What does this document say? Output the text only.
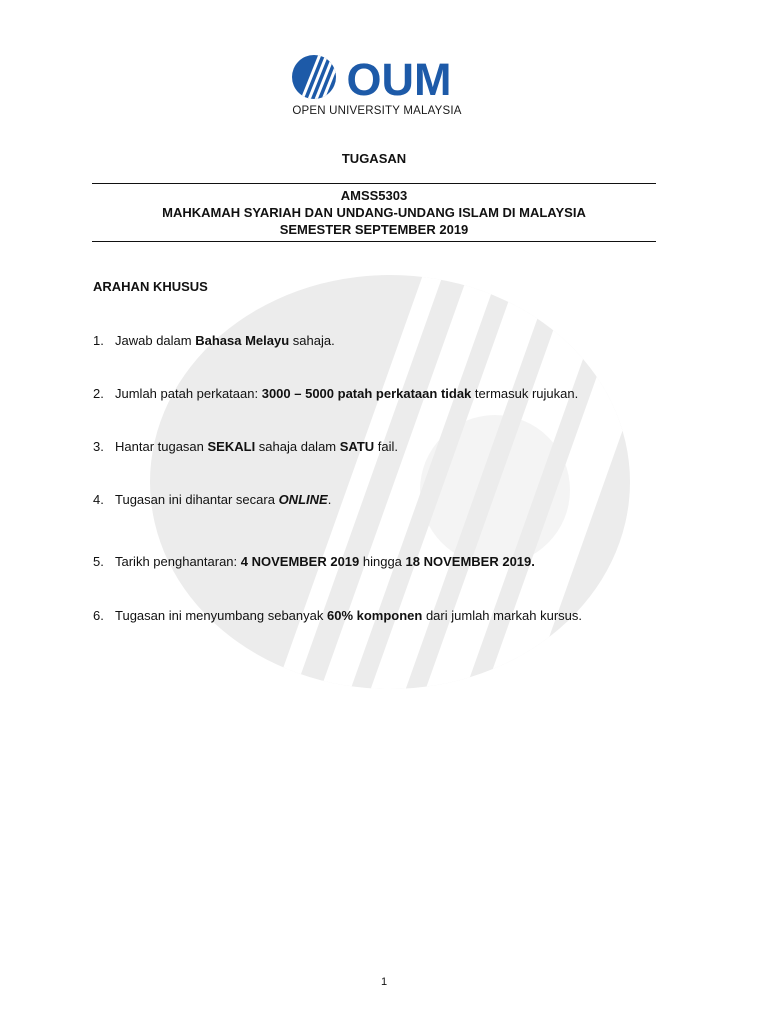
OUM
OPEN UNIVERSITY MALAYSIA
TUGASAN
AMSS5303
MAHKAMAH SYARIAH DAN UNDANG-UNDANG ISLAM DI MALAYSIA
SEMESTER SEPTEMBER 2019
ARAHAN KHUSUS
1. Jawab dalam Bahasa Melayu sahaja.
2. Jumlah patah perkataan: 3000 – 5000 patah perkataan tidak termasuk rujukan.
3. Hantar tugasan SEKALI sahaja dalam SATU fail.
4. Tugasan ini dihantar secara ONLINE.
5. Tarikh penghantaran: 4 NOVEMBER 2019 hingga 18 NOVEMBER 2019.
6. Tugasan ini menyumbang sebanyak 60% komponen dari jumlah markah kursus.
1
